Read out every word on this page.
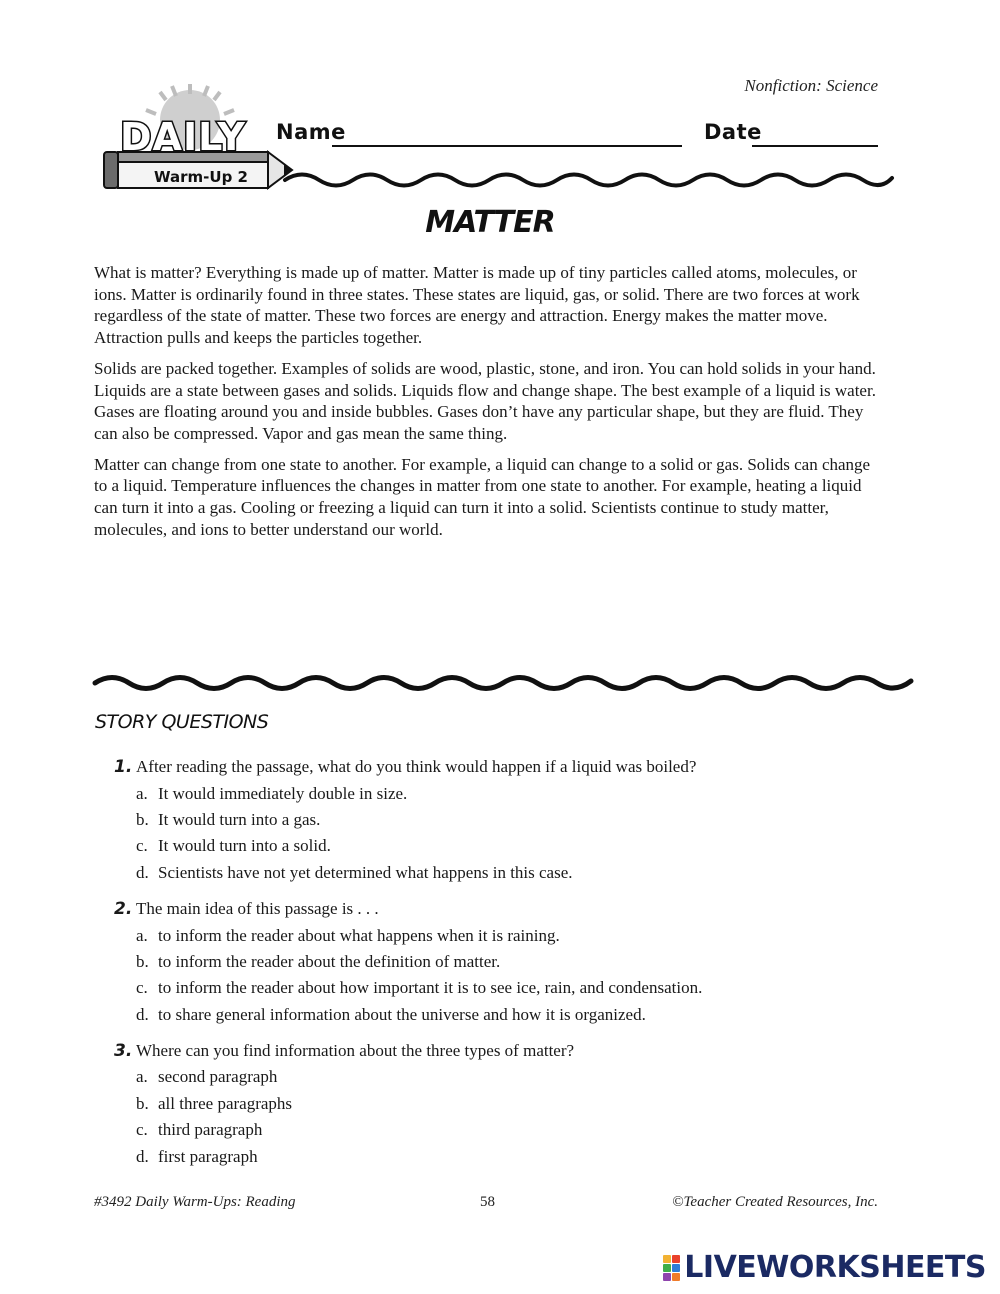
Nonfiction: Science
DAILY
Warm-Up 2
Name	Date
MATTER

What is matter? Everything is made up of matter. Matter is made up of tiny particles called atoms, molecules, or ions. Matter is ordinarily found in three states. These states are liquid, gas, or solid. There are two forces at work regardless of the state of matter. These two forces are energy and attraction. Energy makes the matter move. Attraction pulls and keeps the particles together.

Solids are packed together. Examples of solids are wood, plastic, stone, and iron. You can hold solids in your hand. Liquids are a state between gases and solids. Liquids flow and change shape. The best example of a liquid is water. Gases are floating around you and inside bubbles. Gases don’t have any particular shape, but they are fluid. They can also be compressed. Vapor and gas mean the same thing.

Matter can change from one state to another. For example, a liquid can change to a solid or gas. Solids can change to a liquid. Temperature influences the changes in matter from one state to another. For example, heating a liquid can turn it into a gas. Cooling or freezing a liquid can turn it into a solid. Scientists continue to study matter, molecules, and ions to better understand our world.

STORY QUESTIONS
1. After reading the passage, what do you think would happen if a liquid was boiled?
a. It would immediately double in size.
b. It would turn into a gas.
c. It would turn into a solid.
d. Scientists have not yet determined what happens in this case.
2. The main idea of this passage is . . .
a. to inform the reader about what happens when it is raining.
b. to inform the reader about the definition of matter.
c. to inform the reader about how important it is to see ice, rain, and condensation.
d. to share general information about the universe and how it is organized.
3. Where can you find information about the three types of matter?
a. second paragraph
b. all three paragraphs
c. third paragraph
d. first paragraph
#3492 Daily Warm-Ups: Reading	58	©Teacher Created Resources, Inc.
LIVEWORKSHEETS
